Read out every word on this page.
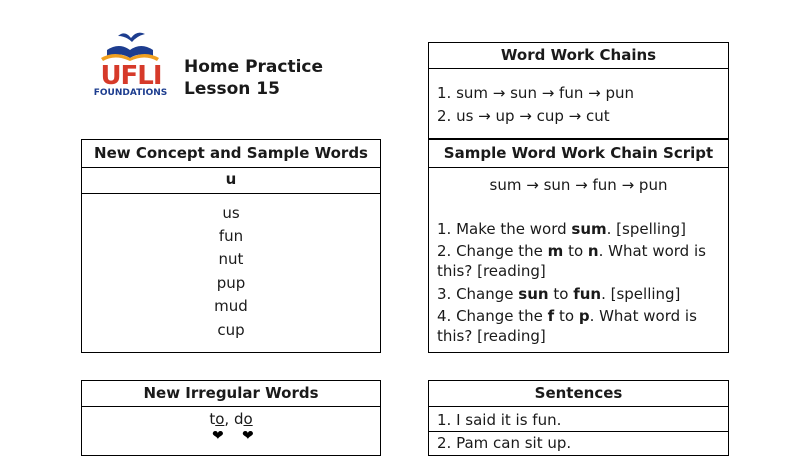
UFLI
FOUNDATIONS
Home Practice
Lesson 15
Word Work Chains
1. sum → sun → fun → pun
2. us → up → cup → cut
Sample Word Work Chain Script
sum → sun → fun → pun
1. Make the word sum. [spelling]
2. Change the m to n. What word is
this? [reading]
3. Change sun to fun. [spelling]
4. Change the f to p. What word is
this? [reading]
New Concept and Sample Words
u
us
fun
nut
pup
mud
cup
New Irregular Words
to, do
❤ ❤
Sentences
1. I said it is fun.
2. Pam can sit up.
